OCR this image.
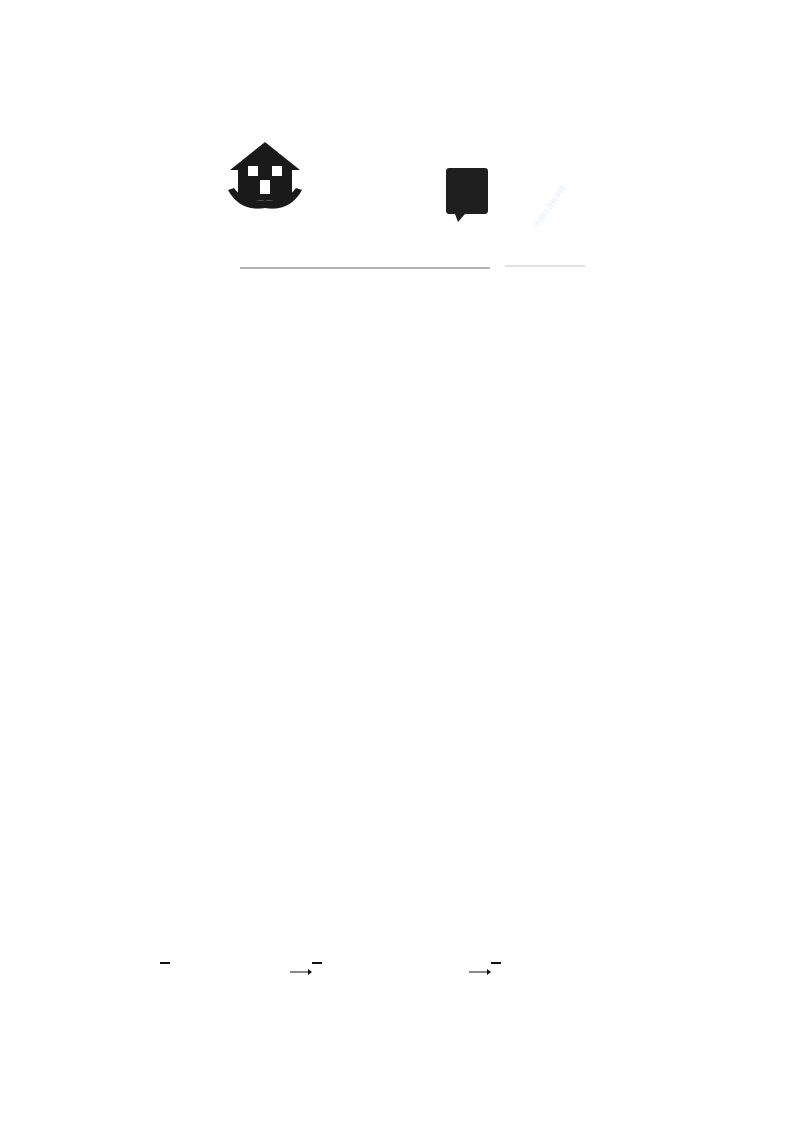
中国社会科学网
